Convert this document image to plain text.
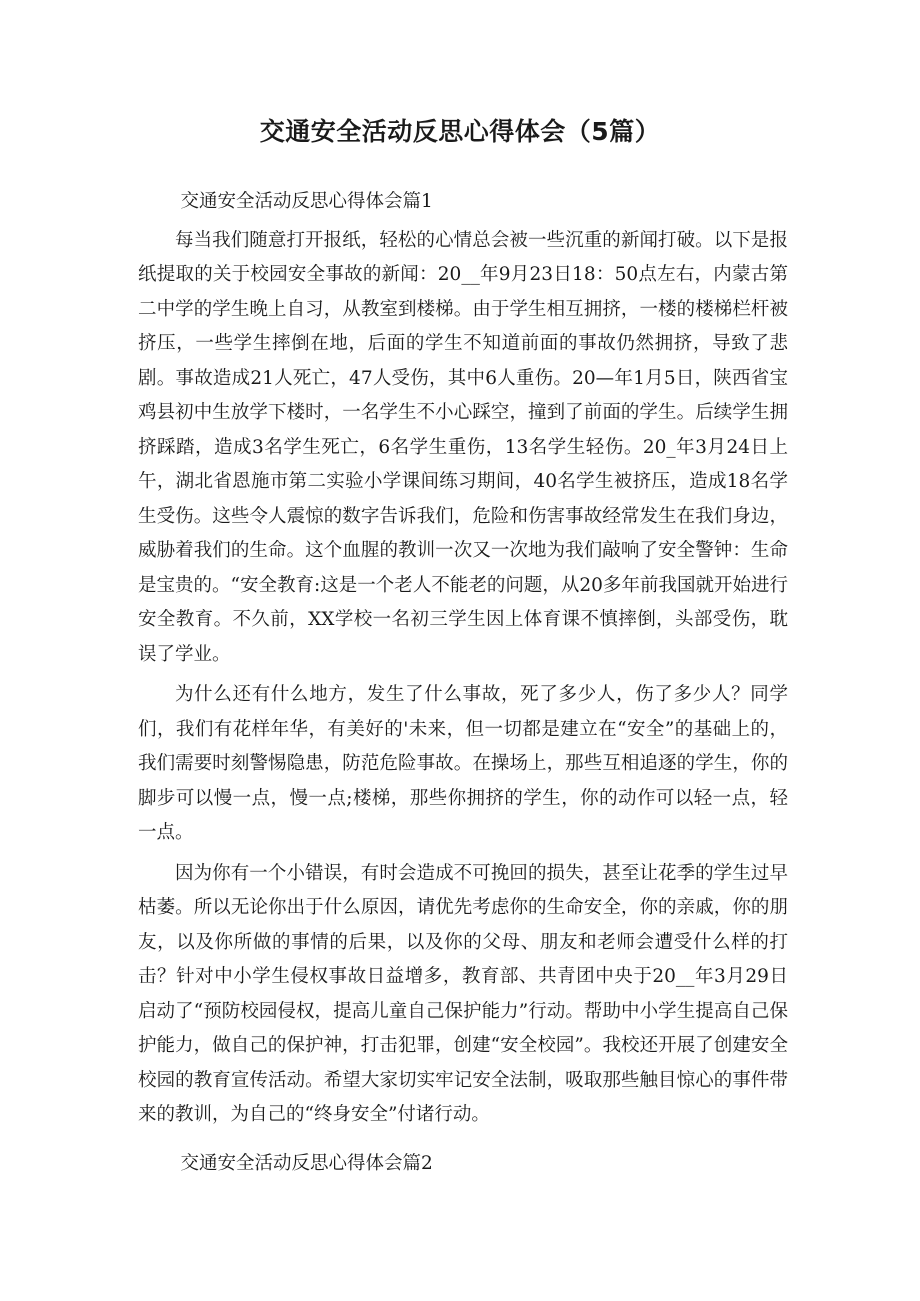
交通安全活动反思心得体会（5篇）

交通安全活动反思心得体会篇1

每当我们随意打开报纸，轻松的心情总会被一些沉重的新闻打破。以下是报纸提取的关于校园安全事故的新闻：20__年9月23日18：50点左右，内蒙古第二中学的学生晚上自习，从教室到楼梯。由于学生相互拥挤，一楼的楼梯栏杆被挤压，一些学生摔倒在地，后面的学生不知道前面的事故仍然拥挤，导致了悲剧。事故造成21人死亡，47人受伤，其中6人重伤。20—年1月5日，陕西省宝鸡县初中生放学下楼时，一名学生不小心踩空，撞到了前面的学生。后续学生拥挤踩踏，造成3名学生死亡，6名学生重伤，13名学生轻伤。20_年3月24日上午，湖北省恩施市第二实验小学课间练习期间，40名学生被挤压，造成18名学生受伤。这些令人震惊的数字告诉我们，危险和伤害事故经常发生在我们身边，威胁着我们的生命。这个血腥的教训一次又一次地为我们敲响了安全警钟：生命是宝贵的。“安全教育:这是一个老人不能老的问题，从20多年前我国就开始进行安全教育。不久前，XX学校一名初三学生因上体育课不慎摔倒，头部受伤，耽误了学业。

为什么还有什么地方，发生了什么事故，死了多少人，伤了多少人？同学们，我们有花样年华，有美好的'未来，但一切都是建立在“安全”的基础上的，我们需要时刻警惕隐患，防范危险事故。在操场上，那些互相追逐的学生，你的脚步可以慢一点，慢一点;楼梯，那些你拥挤的学生，你的动作可以轻一点，轻一点。

因为你有一个小错误，有时会造成不可挽回的损失，甚至让花季的学生过早枯萎。所以无论你出于什么原因，请优先考虑你的生命安全，你的亲戚，你的朋友，以及你所做的事情的后果，以及你的父母、朋友和老师会遭受什么样的打击？针对中小学生侵权事故日益增多，教育部、共青团中央于20__年3月29日启动了“预防校园侵权，提高儿童自己保护能力”行动。帮助中小学生提高自己保护能力，做自己的保护神，打击犯罪，创建“安全校园”。我校还开展了创建安全校园的教育宣传活动。希望大家切实牢记安全法制，吸取那些触目惊心的事件带来的教训，为自己的“终身安全”付诸行动。

交通安全活动反思心得体会篇2
